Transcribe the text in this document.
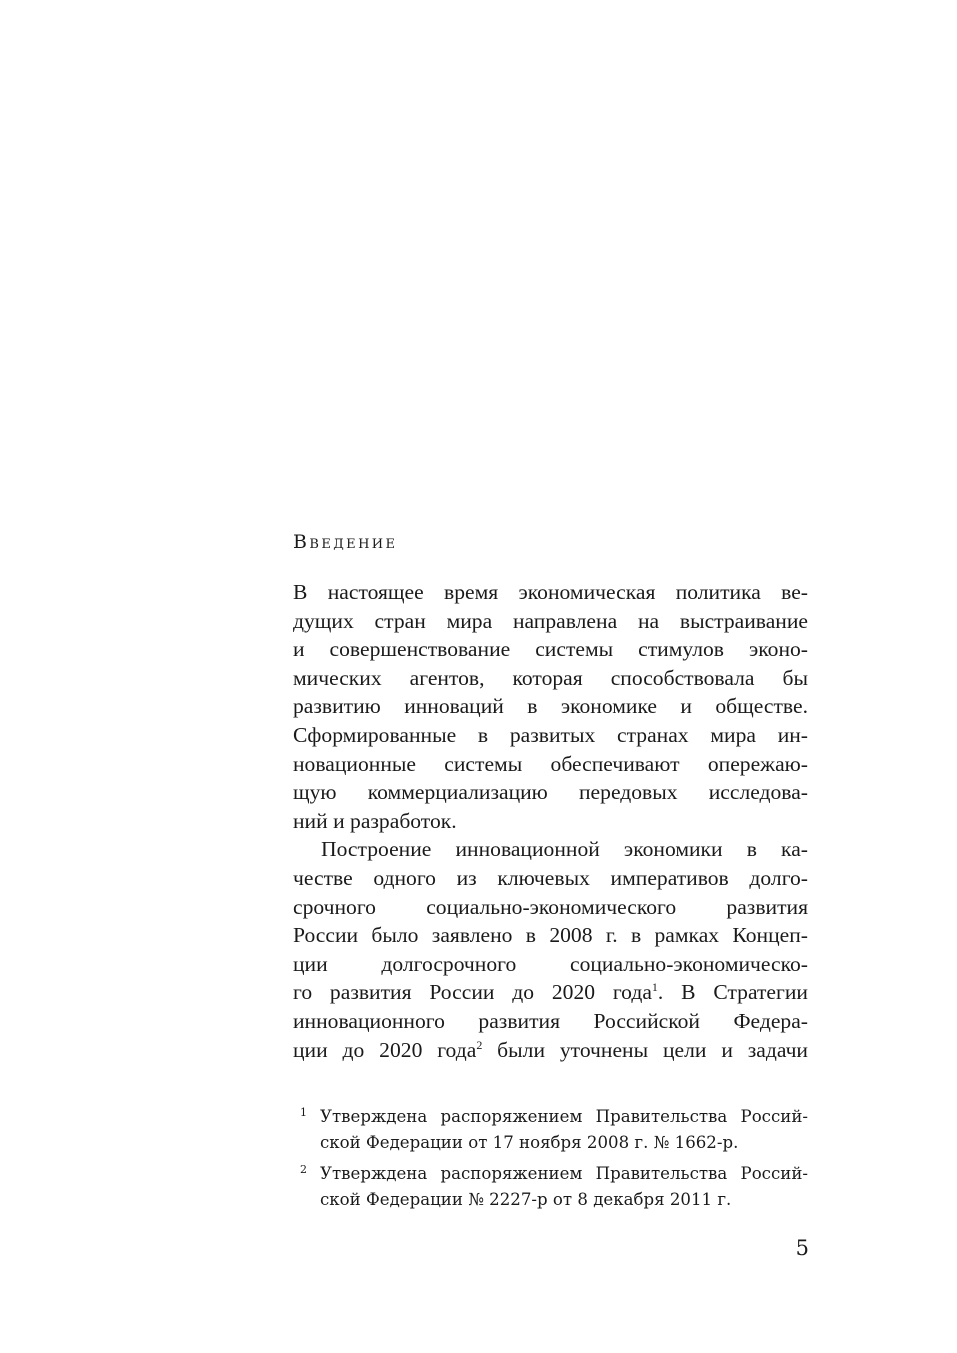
Введение
В настоящее время экономическая политика ве-
дущих стран мира направлена на выстраивание
и совершенствование системы стимулов эконо-
мических агентов, которая способствовала бы
развитию инноваций в экономике и обществе.
Сформированные в развитых странах мира ин-
новационные системы обеспечивают опережаю-
щую коммерциализацию передовых исследова-
ний и разработок.
Построение инновационной экономики в ка-
честве одного из ключевых императивов долго-
срочного социально-экономического развития
России было заявлено в 2008 г. в рамках Концеп-
ции долгосрочного социально-экономическо-
го развития России до 2020 года$^1$. В Стратегии
инновационного развития Российской Федера-
ции до 2020 года$^2$ были уточнены цели и задачи
1 Утверждена распоряжением Правительства Россий-
ской Федерации от 17 ноября 2008 г. № 1662-р.
2 Утверждена распоряжением Правительства Россий-
ской Федерации № 2227-р от 8 декабря 2011 г.
5
